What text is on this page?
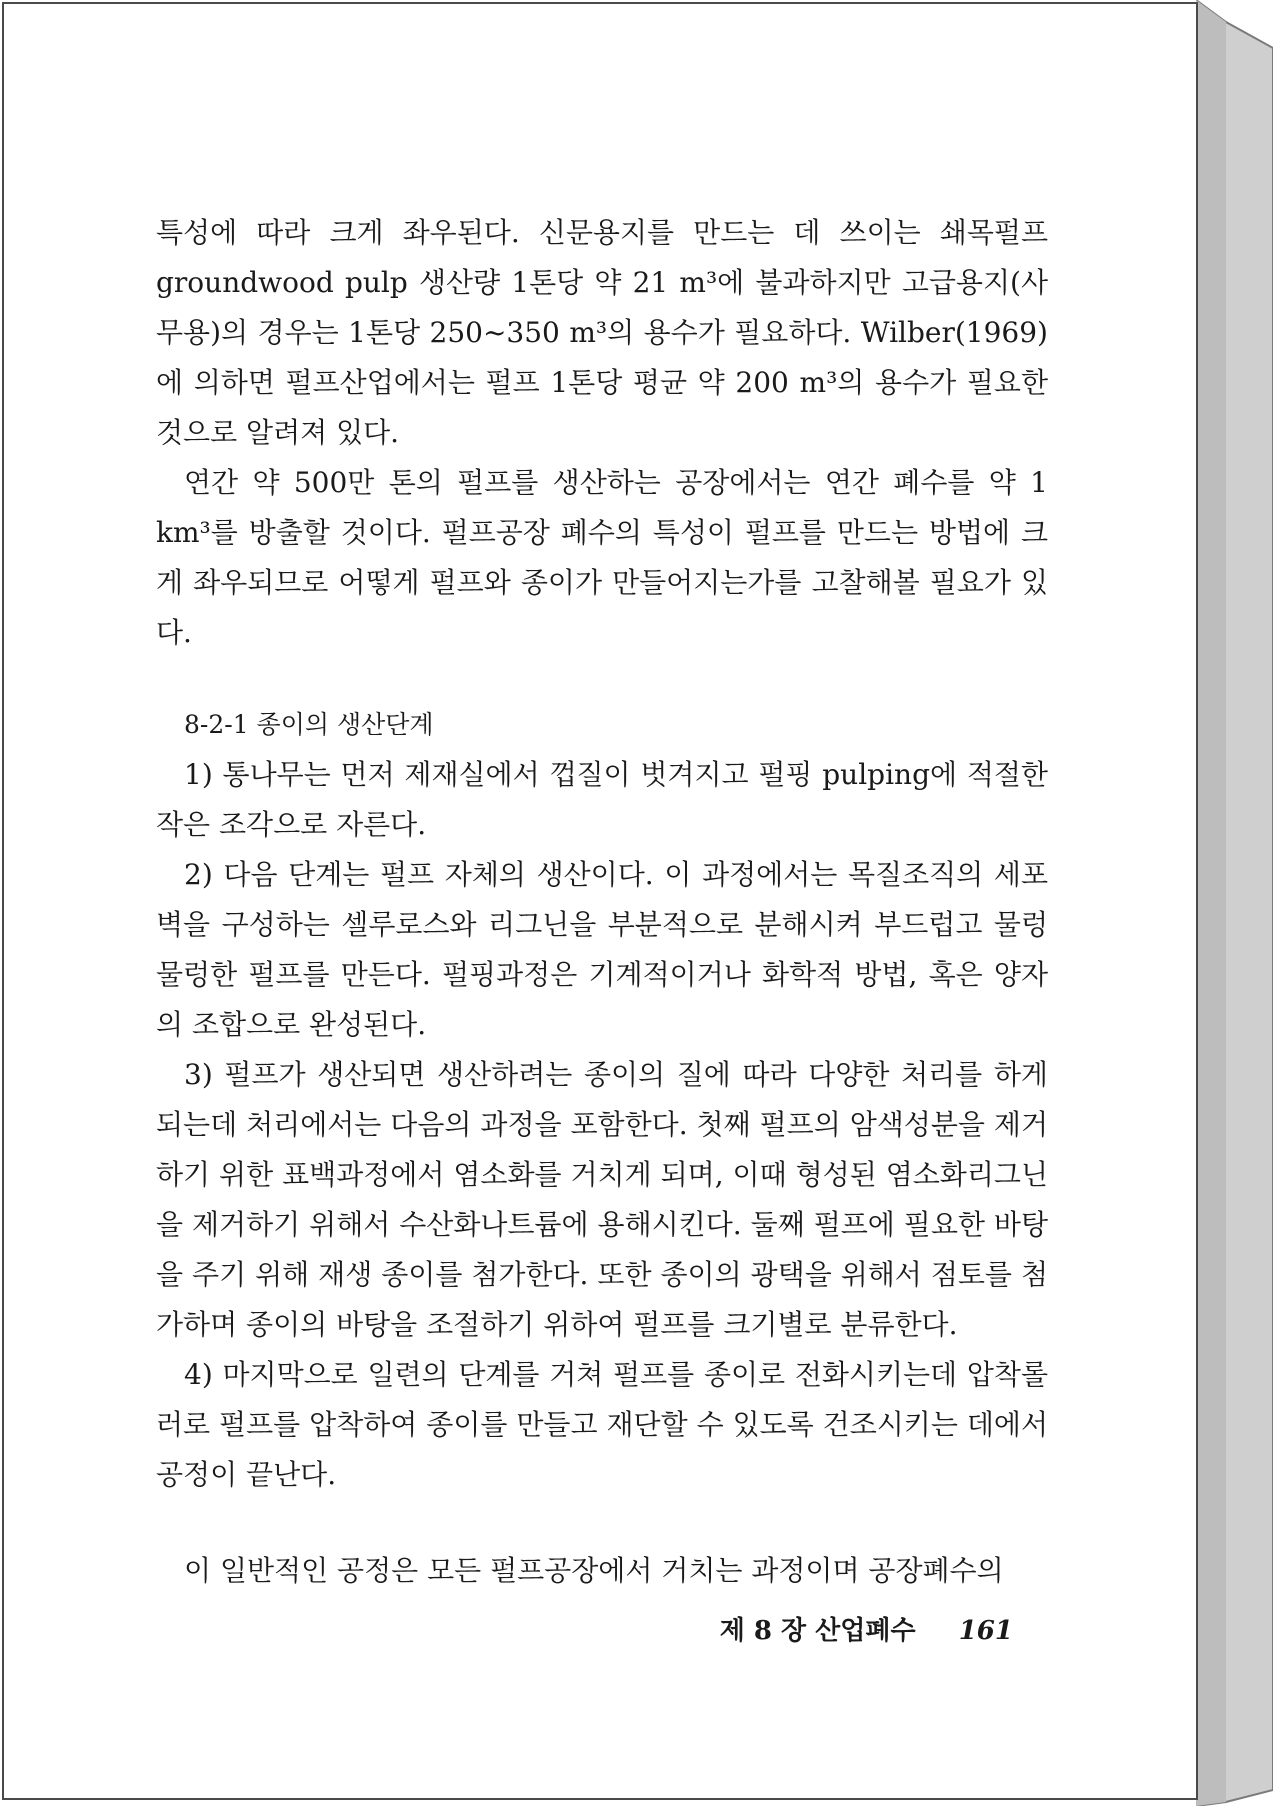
특성에 따라 크게 좌우된다. 신문용지를 만드는 데 쓰이는 쇄목펄프 groundwood pulp 생산량 1톤당 약 21 m³에 불과하지만 고급용지(사무용)의 경우는 1톤당 250~350 m³의 용수가 필요하다. Wilber(1969)에 의하면 펄프산업에서는 펄프 1톤당 평균 약 200 m³의 용수가 필요한 것으로 알려져 있다.

연간 약 500만 톤의 펄프를 생산하는 공장에서는 연간 폐수를 약 1 km³를 방출할 것이다. 펄프공장 폐수의 특성이 펄프를 만드는 방법에 크게 좌우되므로 어떻게 펄프와 종이가 만들어지는가를 고찰해볼 필요가 있다.

8-2-1 종이의 생산단계

1) 통나무는 먼저 제재실에서 껍질이 벗겨지고 펄핑 pulping에 적절한 작은 조각으로 자른다.

2) 다음 단계는 펄프 자체의 생산이다. 이 과정에서는 목질조직의 세포벽을 구성하는 셀루로스와 리그닌을 부분적으로 분해시켜 부드럽고 물렁물렁한 펄프를 만든다. 펄핑과정은 기계적이거나 화학적 방법, 혹은 양자의 조합으로 완성된다.

3) 펄프가 생산되면 생산하려는 종이의 질에 따라 다양한 처리를 하게 되는데 처리에서는 다음의 과정을 포함한다. 첫째 펄프의 암색성분을 제거하기 위한 표백과정에서 염소화를 거치게 되며, 이때 형성된 염소화리그닌을 제거하기 위해서 수산화나트륨에 용해시킨다. 둘째 펄프에 필요한 바탕을 주기 위해 재생 종이를 첨가한다. 또한 종이의 광택을 위해서 점토를 첨가하며 종이의 바탕을 조절하기 위하여 펄프를 크기별로 분류한다.

4) 마지막으로 일련의 단계를 거쳐 펄프를 종이로 전화시키는데 압착롤러로 펄프를 압착하여 종이를 만들고 재단할 수 있도록 건조시키는 데에서 공정이 끝난다.

이 일반적인 공정은 모든 펄프공장에서 거치는 과정이며 공장폐수의

제 8 장 산업폐수 161
